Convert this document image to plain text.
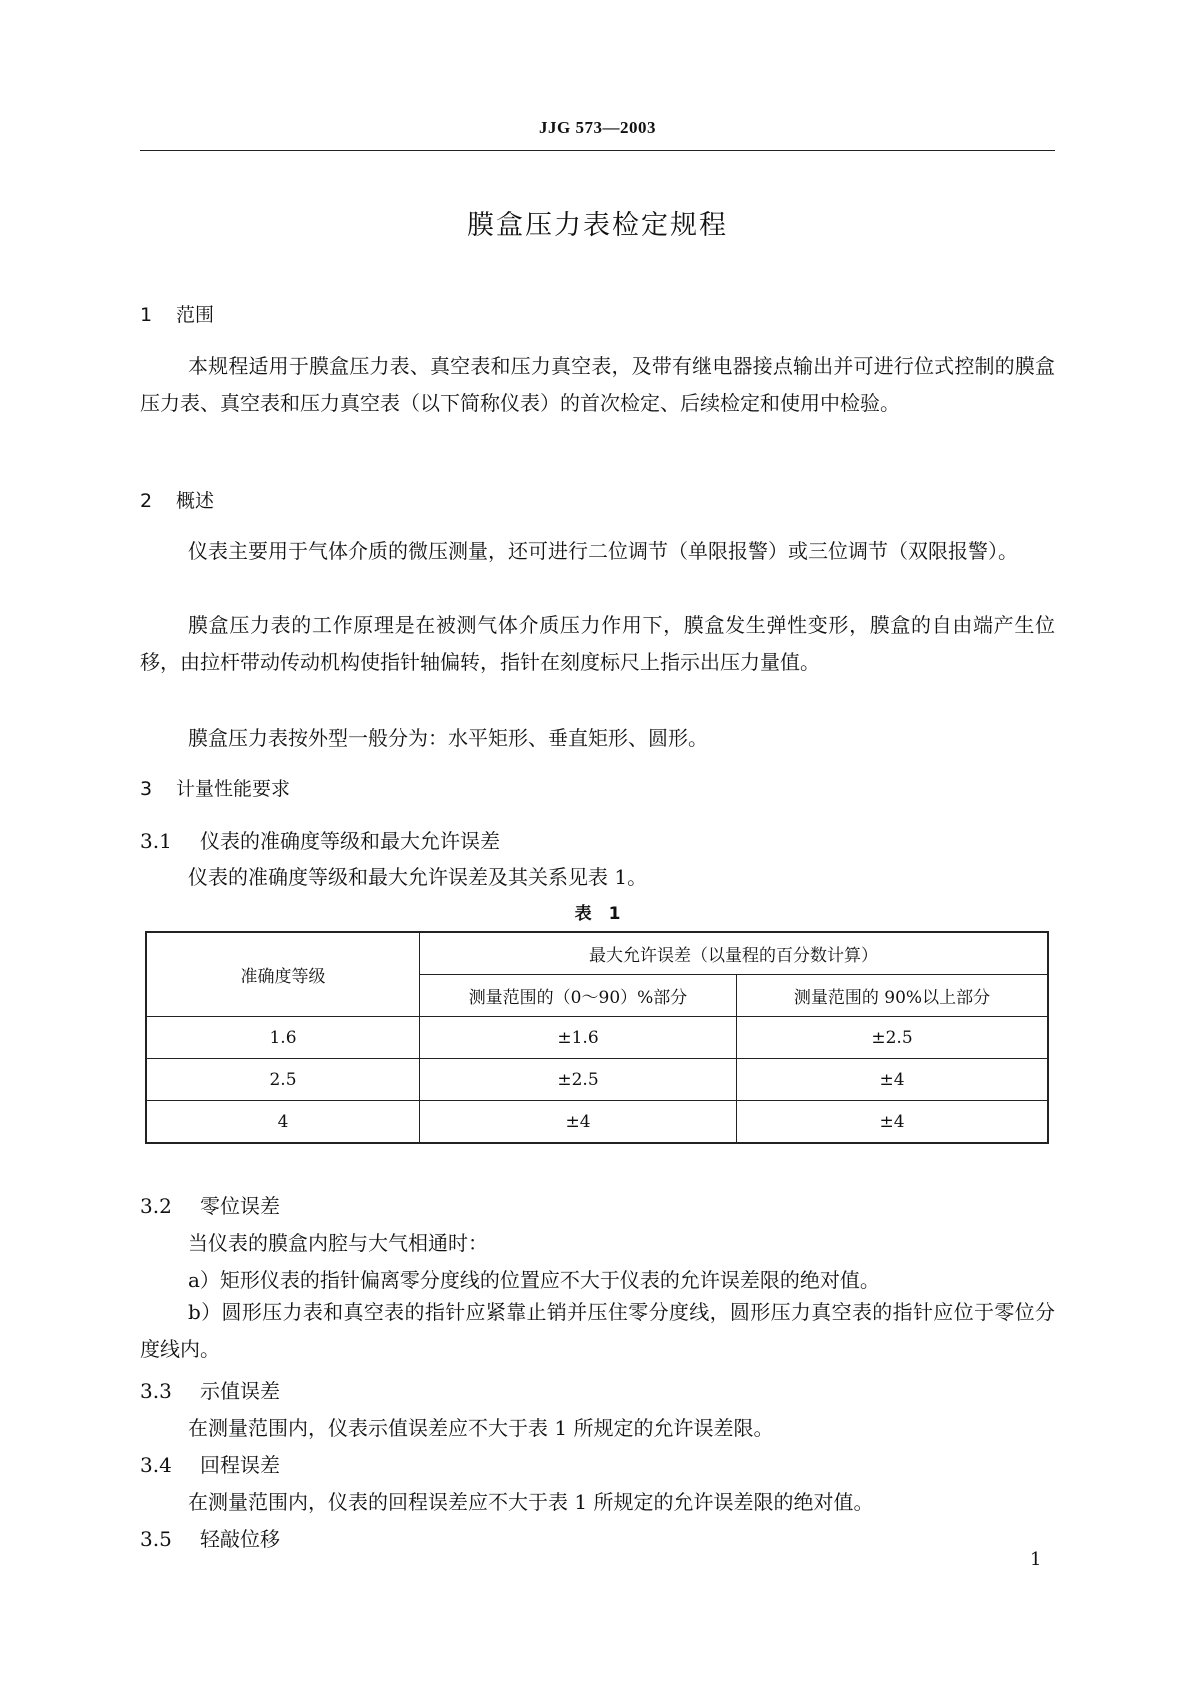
JJG 573—2003
膜盒压力表检定规程
1 范围
本规程适用于膜盒压力表、真空表和压力真空表，及带有继电器接点输出并可进行位式控制的膜盒压力表、真空表和压力真空表（以下简称仪表）的首次检定、后续检定和使用中检验。
2 概述
仪表主要用于气体介质的微压测量，还可进行二位调节（单限报警）或三位调节（双限报警）。
膜盒压力表的工作原理是在被测气体介质压力作用下，膜盒发生弹性变形，膜盒的自由端产生位移，由拉杆带动传动机构使指针轴偏转，指针在刻度标尺上指示出压力量值。
膜盒压力表按外型一般分为：水平矩形、垂直矩形、圆形。
3 计量性能要求
3.1 仪表的准确度等级和最大允许误差
仪表的准确度等级和最大允许误差及其关系见表 1。
表　1
准确度等级	最大允许误差（以量程的百分数计算）	
	测量范围的（0～90）%部分	测量范围的 90%以上部分
1.6	±1.6	±2.5
2.5	±2.5	±4
4	±4	±4
3.2 零位误差
当仪表的膜盒内腔与大气相通时：
a）矩形仪表的指针偏离零分度线的位置应不大于仪表的允许误差限的绝对值。
b）圆形压力表和真空表的指针应紧靠止销并压住零分度线，圆形压力真空表的指针应位于零位分度线内。
3.3 示值误差
在测量范围内，仪表示值误差应不大于表 1 所规定的允许误差限。
3.4 回程误差
在测量范围内，仪表的回程误差应不大于表 1 所规定的允许误差限的绝对值。
3.5 轻敲位移
1
